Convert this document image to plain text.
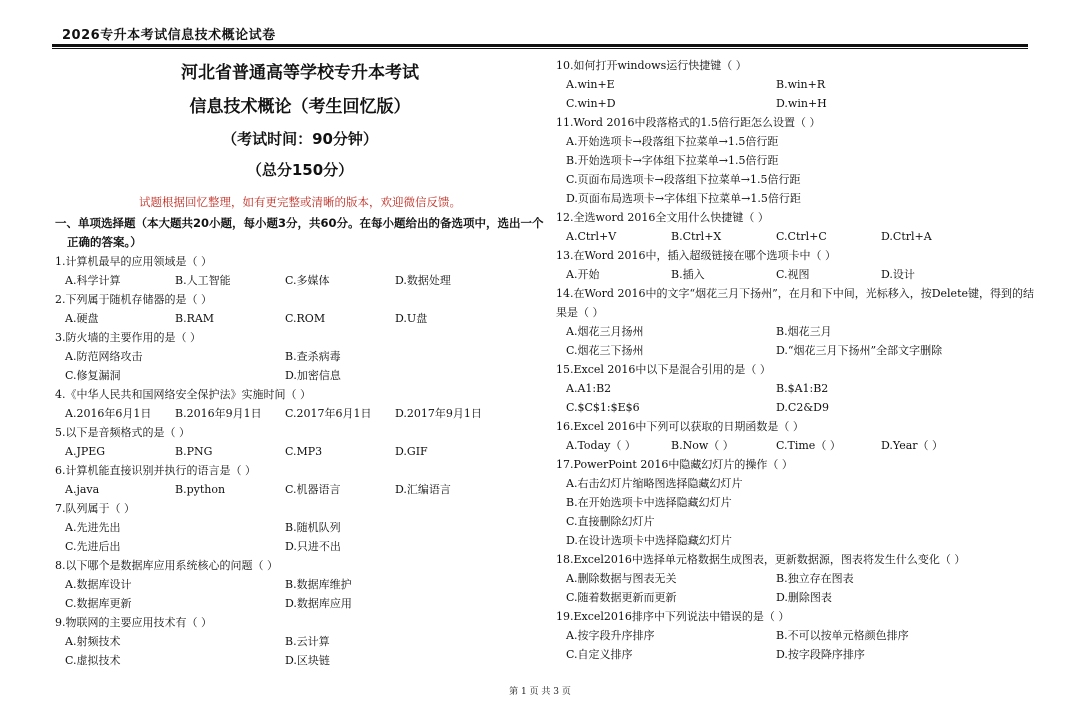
2026专升本考试信息技术概论试卷
河北省普通高等学校专升本考试
信息技术概论（考生回忆版）
（考试时间：90分钟）
（总分150分）
试题根据回忆整理，如有更完整或清晰的版本，欢迎微信反馈。
一、单项选择题（本大题共20小题，每小题3分，共60分。在每小题给出的备选项中，选出一个
正确的答案。）
1.计算机最早的应用领域是（ ）
A.科学计算	B.人工智能	C.多媒体	D.数据处理
2.下列属于随机存储器的是（ ）
A.硬盘	B.RAM	C.ROM	D.U盘
3.防火墙的主要作用的是（ ）
A.防范网络攻击	B.查杀病毒
C.修复漏洞	D.加密信息
4.《中华人民共和国网络安全保护法》实施时间（ ）
A.2016年6月1日	B.2016年9月1日	C.2017年6月1日	D.2017年9月1日
5.以下是音频格式的是（ ）
A.JPEG	B.PNG	C.MP3	D.GIF
6.计算机能直接识别并执行的语言是（ ）
A.java	B.python	C.机器语言	D.汇编语言
7.队列属于（ ）
A.先进先出	B.随机队列
C.先进后出	D.只进不出
8.以下哪个是数据库应用系统核心的问题（ ）
A.数据库设计	B.数据库维护
C.数据库更新	D.数据库应用
9.物联网的主要应用技术有（ ）
A.射频技术	B.云计算
C.虚拟技术	D.区块链
10.如何打开windows运行快捷键（ ）
A.win+E	B.win+R
C.win+D	D.win+H
11.Word 2016中段落格式的1.5倍行距怎么设置（ ）
A.开始选项卡→段落组下拉菜单→1.5倍行距
B.开始选项卡→字体组下拉菜单→1.5倍行距
C.页面布局选项卡→段落组下拉菜单→1.5倍行距
D.页面布局选项卡→字体组下拉菜单→1.5倍行距
12.全选word 2016全文用什么快捷键（ ）
A.Ctrl+V	B.Ctrl+X	C.Ctrl+C	D.Ctrl+A
13.在Word 2016中，插入超级链接在哪个选项卡中（ ）
A.开始	B.插入	C.视图	D.设计
14.在Word 2016中的文字“烟花三月下扬州”，在月和下中间，光标移入，按Delete键，得到的结
果是（ ）
A.烟花三月扬州	B.烟花三月
C.烟花三下扬州	D.“烟花三月下扬州”全部文字删除
15.Excel 2016中以下是混合引用的是（ ）
A.A1:B2	B.$A1:B2
C.$C$1:$E$6	D.C2&D9
16.Excel 2016中下列可以获取的日期函数是（ ）
A.Today（ ）	B.Now（ ）	C.Time（ ）	D.Year（ ）
17.PowerPoint 2016中隐藏幻灯片的操作（ ）
A.右击幻灯片缩略图选择隐藏幻灯片
B.在开始选项卡中选择隐藏幻灯片
C.直接删除幻灯片
D.在设计选项卡中选择隐藏幻灯片
18.Excel2016中选择单元格数据生成图表，更新数据源，图表将发生什么变化（ ）
A.删除数据与图表无关	B.独立存在图表
C.随着数据更新而更新	D.删除图表
19.Excel2016排序中下列说法中错误的是（ ）
A.按字段升序排序	B.不可以按单元格颜色排序
C.自定义排序	D.按字段降序排序
第 1 页 共 3 页
